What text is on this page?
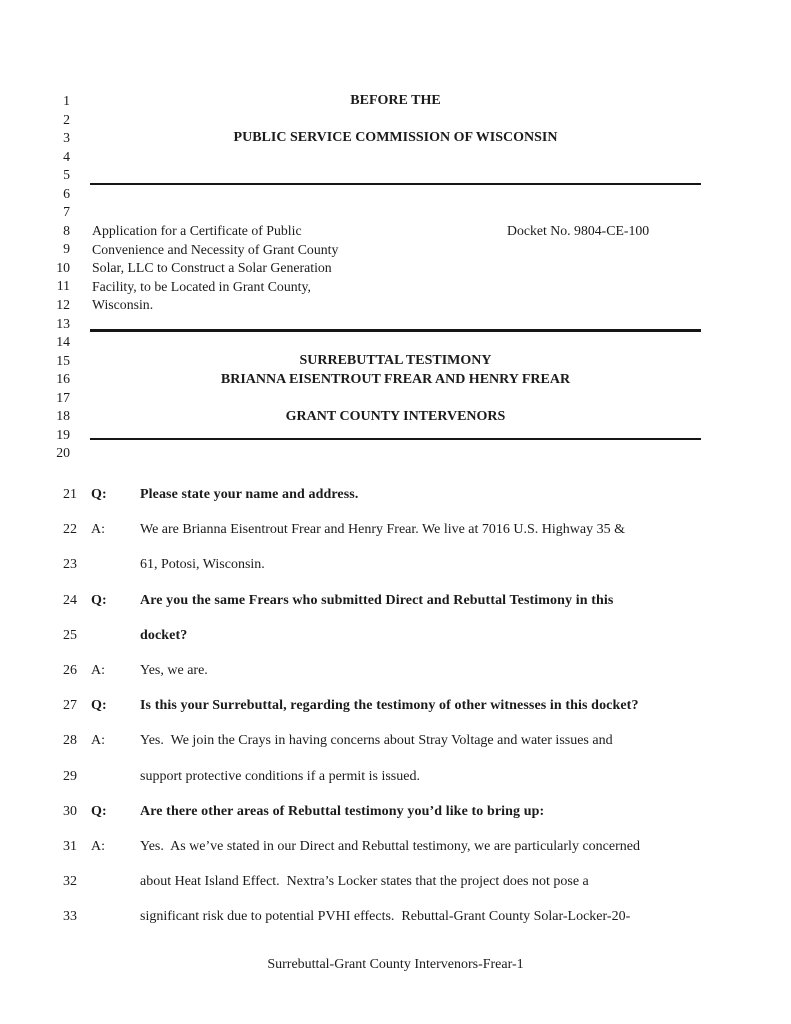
1
2
3
4
5
6
7
8
9
10
11
12
13
14
15
16
17
18
19
20
BEFORE THE
PUBLIC SERVICE COMMISSION OF WISCONSIN
Application for a Certificate of Public
Convenience and Necessity of Grant County
Solar, LLC to Construct a Solar Generation
Facility, to be Located in Grant County,
Wisconsin.
Docket No. 9804-CE-100
SURREBUTTAL TESTIMONY
BRIANNA EISENTROUT FREAR AND HENRY FREAR
GRANT COUNTY INTERVENORS
21 Q: Please state your name and address.
22 A:	We are Brianna Eisentrout Frear and Henry Frear. We live at 7016 U.S. Highway 35 &
23	61, Potosi, Wisconsin.
24 Q: Are you the same Frears who submitted Direct and Rebuttal Testimony in this
25	docket?
26 A:	Yes, we are.
27 Q: Is this your Surrebuttal, regarding the testimony of other witnesses in this docket?
28 A:	Yes.  We join the Crays in having concerns about Stray Voltage and water issues and
29	support protective conditions if a permit is issued.
30 Q: Are there other areas of Rebuttal testimony you’d like to bring up:
31 A:	Yes.  As we’ve stated in our Direct and Rebuttal testimony, we are particularly concerned
32	about Heat Island Effect.  Nextra’s Locker states that the project does not pose a
33	significant risk due to potential PVHI effects.  Rebuttal-Grant County Solar-Locker-20-
Surrebuttal-Grant County Intervenors-Frear-1
